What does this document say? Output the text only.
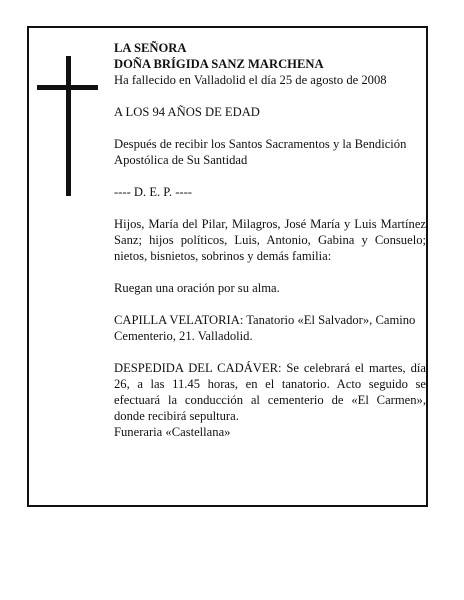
LA SEÑORA

DOÑA BRÍGIDA SANZ MARCHENA

Ha fallecido en Valladolid el día 25 de agosto de 2008

A LOS 94 AÑOS DE EDAD

Después de recibir los Santos Sacramentos y la Bendición Apostólica de Su Santidad

---- D. E. P. ----

Hijos, María del Pilar, Milagros, José María y Luis Martínez Sanz; hijos políticos, Luis, Antonio, Gabina y Consuelo; nietos, bisnietos, sobrinos y demás familia:

Ruegan una oración por su alma.

CAPILLA VELATORIA: Tanatorio «El Salvador», Camino Cementerio, 21. Valladolid.

DESPEDIDA DEL CADÁVER: Se celebrará el martes, día 26, a las 11.45 horas, en el tanatorio. Acto seguido se efectuará la conducción al cementerio de «El Carmen», donde recibirá sepultura.

Funeraria «Castellana»
